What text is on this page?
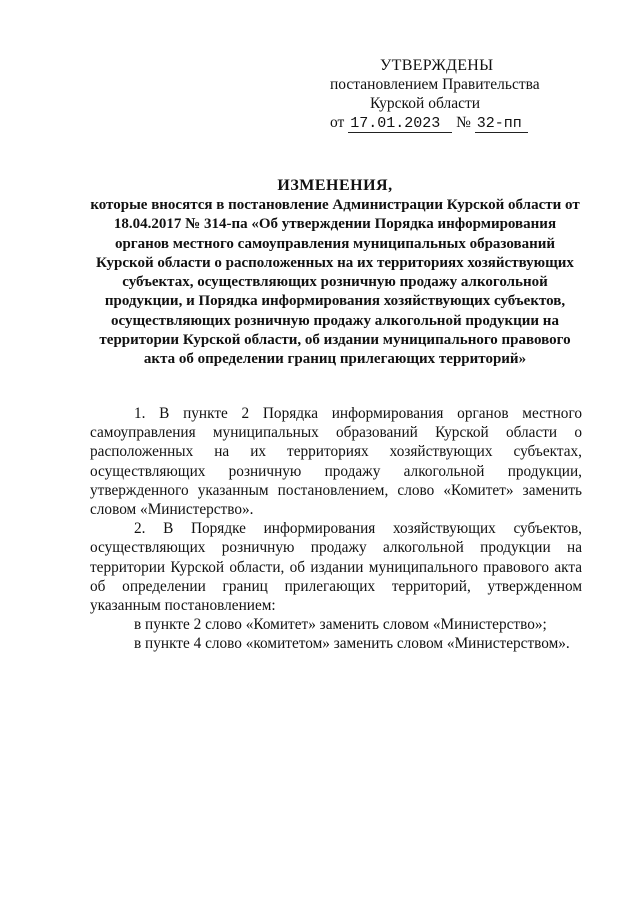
УТВЕРЖДЕНЫ
постановлением Правительства
Курской области
от 17.01.2023 № 32-пп
ИЗМЕНЕНИЯ,
которые вносятся в постановление Администрации Курской области от 18.04.2017 № 314-па «Об утверждении Порядка информирования органов местного самоуправления муниципальных образований Курской области о расположенных на их территориях хозяйствующих субъектах, осуществляющих розничную продажу алкогольной продукции, и Порядка информирования хозяйствующих субъектов, осуществляющих розничную продажу алкогольной продукции на территории Курской области, об издании муниципального правового акта об определении границ прилегающих территорий»

1. В пункте 2 Порядка информирования органов местного самоуправления муниципальных образований Курской области о расположенных на их территориях хозяйствующих субъектах, осуществляющих розничную продажу алкогольной продукции, утвержденного указанным постановлением, слово «Комитет» заменить словом «Министерство».

2. В Порядке информирования хозяйствующих субъектов, осуществляющих розничную продажу алкогольной продукции на территории Курской области, об издании муниципального правового акта об определении границ прилегающих территорий, утвержденном указанным постановлением:

в пункте 2 слово «Комитет» заменить словом «Министерство»;

в пункте 4 слово «комитетом» заменить словом «Министерством».
